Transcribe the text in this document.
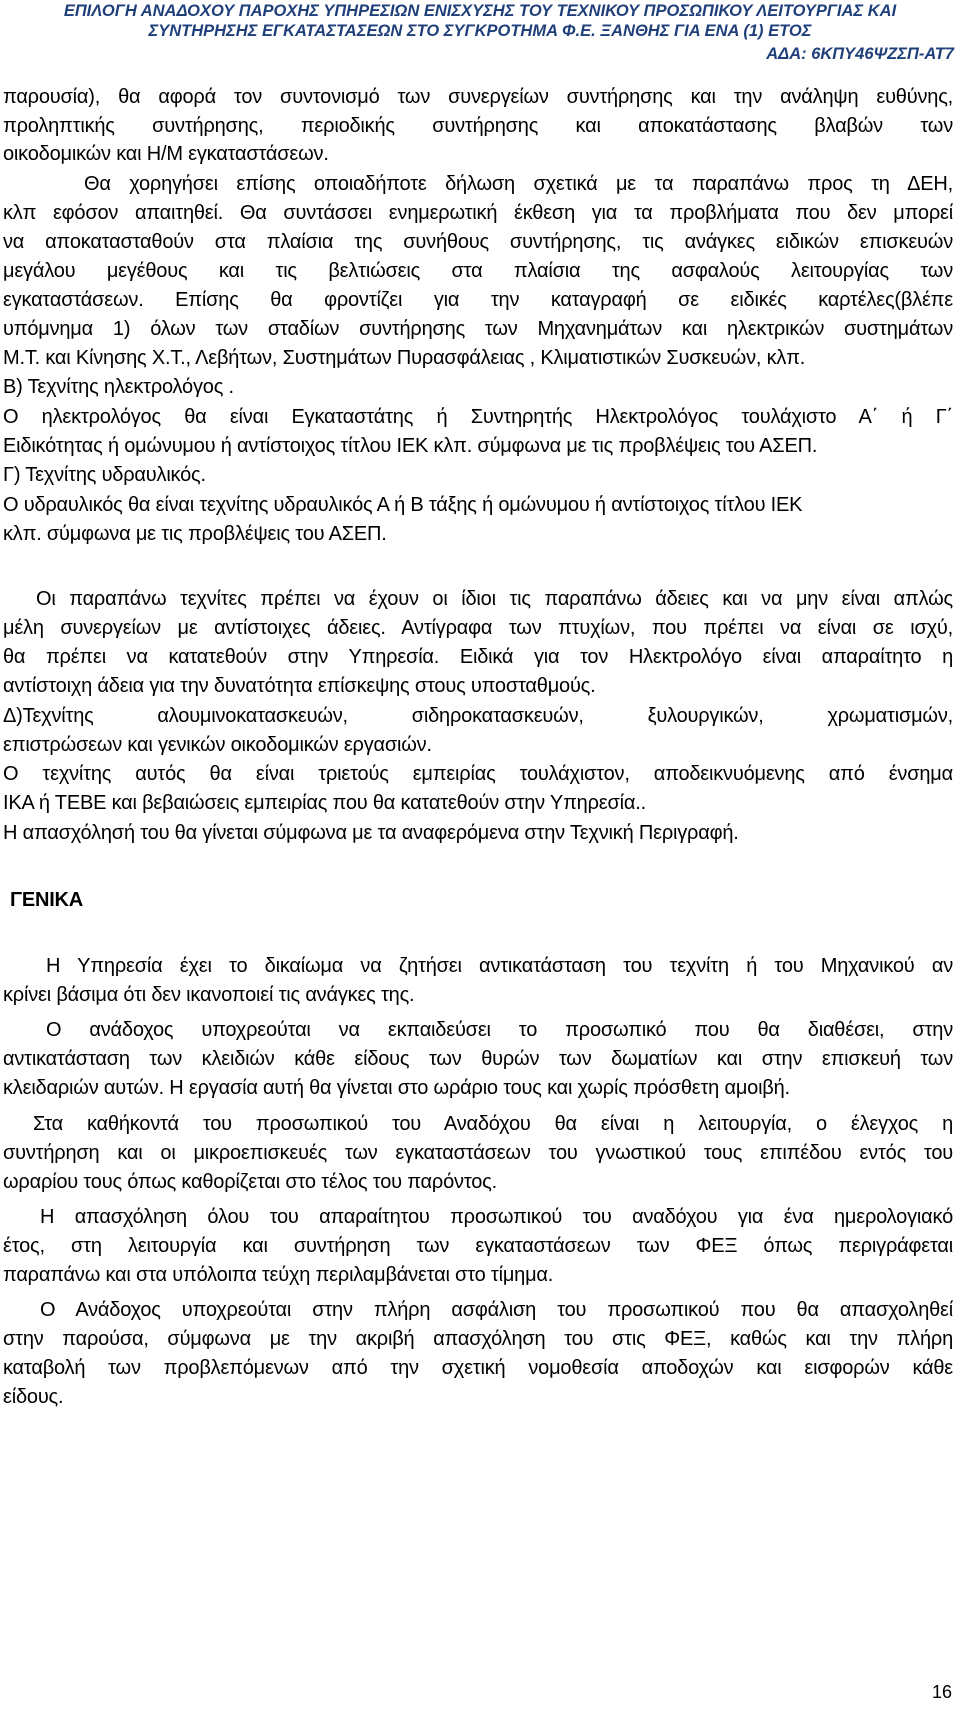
ΕΠΙΛΟΓΗ ΑΝΑΔΟΧΟΥ ΠΑΡΟΧΗΣ ΥΠΗΡΕΣΙΩΝ ΕΝΙΣΧΥΣΗΣ ΤΟΥ ΤΕΧΝΙΚΟΥ ΠΡΟΣΩΠΙΚΟΥ ΛΕΙΤΟΥΡΓΙΑΣ ΚΑΙ
ΣΥΝΤΗΡΗΣΗΣ ΕΓΚΑΤΑΣΤΑΣΕΩΝ ΣΤΟ ΣΥΓΚΡΟΤΗΜΑ Φ.Ε. ΞΑΝΘΗΣ ΓΙΑ ΕΝΑ (1) ΕΤΟΣ
ΑΔΑ: 6ΚΠΥ46ΨΖΣΠ-ΑΤ7
παρουσία), θα αφορά τον συντονισμό των συνεργείων συντήρησης και την ανάληψη ευθύνης,
προληπτικής συντήρησης, περιοδικής συντήρησης και αποκατάστασης βλαβών των
οικοδομικών και Η/Μ εγκαταστάσεων.
Θα χορηγήσει επίσης οποιαδήποτε δήλωση σχετικά με τα παραπάνω προς τη ΔΕΗ,
κλπ εφόσον απαιτηθεί. Θα συντάσσει ενημερωτική έκθεση για τα προβλήματα που δεν μπορεί
να αποκατασταθούν στα πλαίσια της συνήθους συντήρησης, τις ανάγκες ειδικών επισκευών
μεγάλου μεγέθους και τις βελτιώσεις στα πλαίσια της ασφαλούς λειτουργίας των
εγκαταστάσεων. Επίσης θα φροντίζει για την καταγραφή σε ειδικές καρτέλες(βλέπε
υπόμνημα 1) όλων των σταδίων συντήρησης των Μηχανημάτων και ηλεκτρικών συστημάτων
Μ.Τ. και Κίνησης Χ.Τ., Λεβήτων, Συστημάτων Πυρασφάλειας , Κλιματιστικών Συσκευών, κλπ.
Β) Τεχνίτης ηλεκτρολόγος .
Ο ηλεκτρολόγος θα είναι Εγκαταστάτης ή Συντηρητής Ηλεκτρολόγος τουλάχιστο Α΄ ή Γ΄
Ειδικότητας ή ομώνυμου ή αντίστοιχος τίτλου ΙΕΚ κλπ. σύμφωνα με τις προβλέψεις του ΑΣΕΠ.
Γ) Τεχνίτης υδραυλικός.
Ο υδραυλικός θα είναι τεχνίτης υδραυλικός Α ή Β τάξης ή ομώνυμου ή αντίστοιχος τίτλου ΙΕΚ
κλπ. σύμφωνα με τις προβλέψεις του ΑΣΕΠ.
Οι παραπάνω τεχνίτες πρέπει να έχουν οι ίδιοι τις παραπάνω άδειες και να μην είναι απλώς
μέλη συνεργείων με αντίστοιχες άδειες. Αντίγραφα των πτυχίων, που πρέπει να είναι σε ισχύ,
θα πρέπει να κατατεθούν στην Υπηρεσία. Ειδικά για τον Ηλεκτρολόγο είναι απαραίτητο η
αντίστοιχη άδεια για την δυνατότητα επίσκεψης στους υποσταθμούς.
Δ)Τεχνίτης αλουμινοκατασκευών, σιδηροκατασκευών, ξυλουργικών, χρωματισμών,
επιστρώσεων και γενικών οικοδομικών εργασιών.
Ο τεχνίτης αυτός θα είναι τριετούς εμπειρίας τουλάχιστον, αποδεικνυόμενης από ένσημα
ΙΚΑ ή ΤΕΒΕ και βεβαιώσεις εμπειρίας που θα κατατεθούν στην Υπηρεσία..
Η απασχόλησή του θα γίνεται σύμφωνα με τα αναφερόμενα στην Τεχνική Περιγραφή.
ΓΕΝΙΚΑ
Η Υπηρεσία έχει το δικαίωμα να ζητήσει αντικατάσταση του τεχνίτη ή του Μηχανικού αν
κρίνει βάσιμα ότι δεν ικανοποιεί τις ανάγκες της.
Ο ανάδοχος υποχρεούται να εκπαιδεύσει το προσωπικό που θα διαθέσει, στην
αντικατάσταση των κλειδιών κάθε είδους των θυρών των δωματίων και στην επισκευή των
κλειδαριών αυτών. Η εργασία αυτή θα γίνεται στο ωράριο τους και χωρίς πρόσθετη αμοιβή.
Στα καθήκοντά του προσωπικού του Αναδόχου θα είναι η λειτουργία, ο έλεγχος η
συντήρηση και οι μικροεπισκευές των εγκαταστάσεων του γνωστικού τους επιπέδου εντός του
ωραρίου τους όπως καθορίζεται στο τέλος του παρόντος.
Η απασχόληση όλου του απαραίτητου προσωπικού του αναδόχου για ένα ημερολογιακό
έτος, στη λειτουργία και συντήρηση των εγκαταστάσεων των ΦΕΞ όπως περιγράφεται
παραπάνω και στα υπόλοιπα τεύχη περιλαμβάνεται στο τίμημα.
Ο Ανάδοχος υποχρεούται στην πλήρη ασφάλιση του προσωπικού που θα απασχοληθεί
στην παρούσα, σύμφωνα με την ακριβή απασχόληση του στις ΦΕΞ, καθώς και την πλήρη
καταβολή των προβλεπόμενων από την σχετική νομοθεσία αποδοχών και εισφορών κάθε
είδους.
16
